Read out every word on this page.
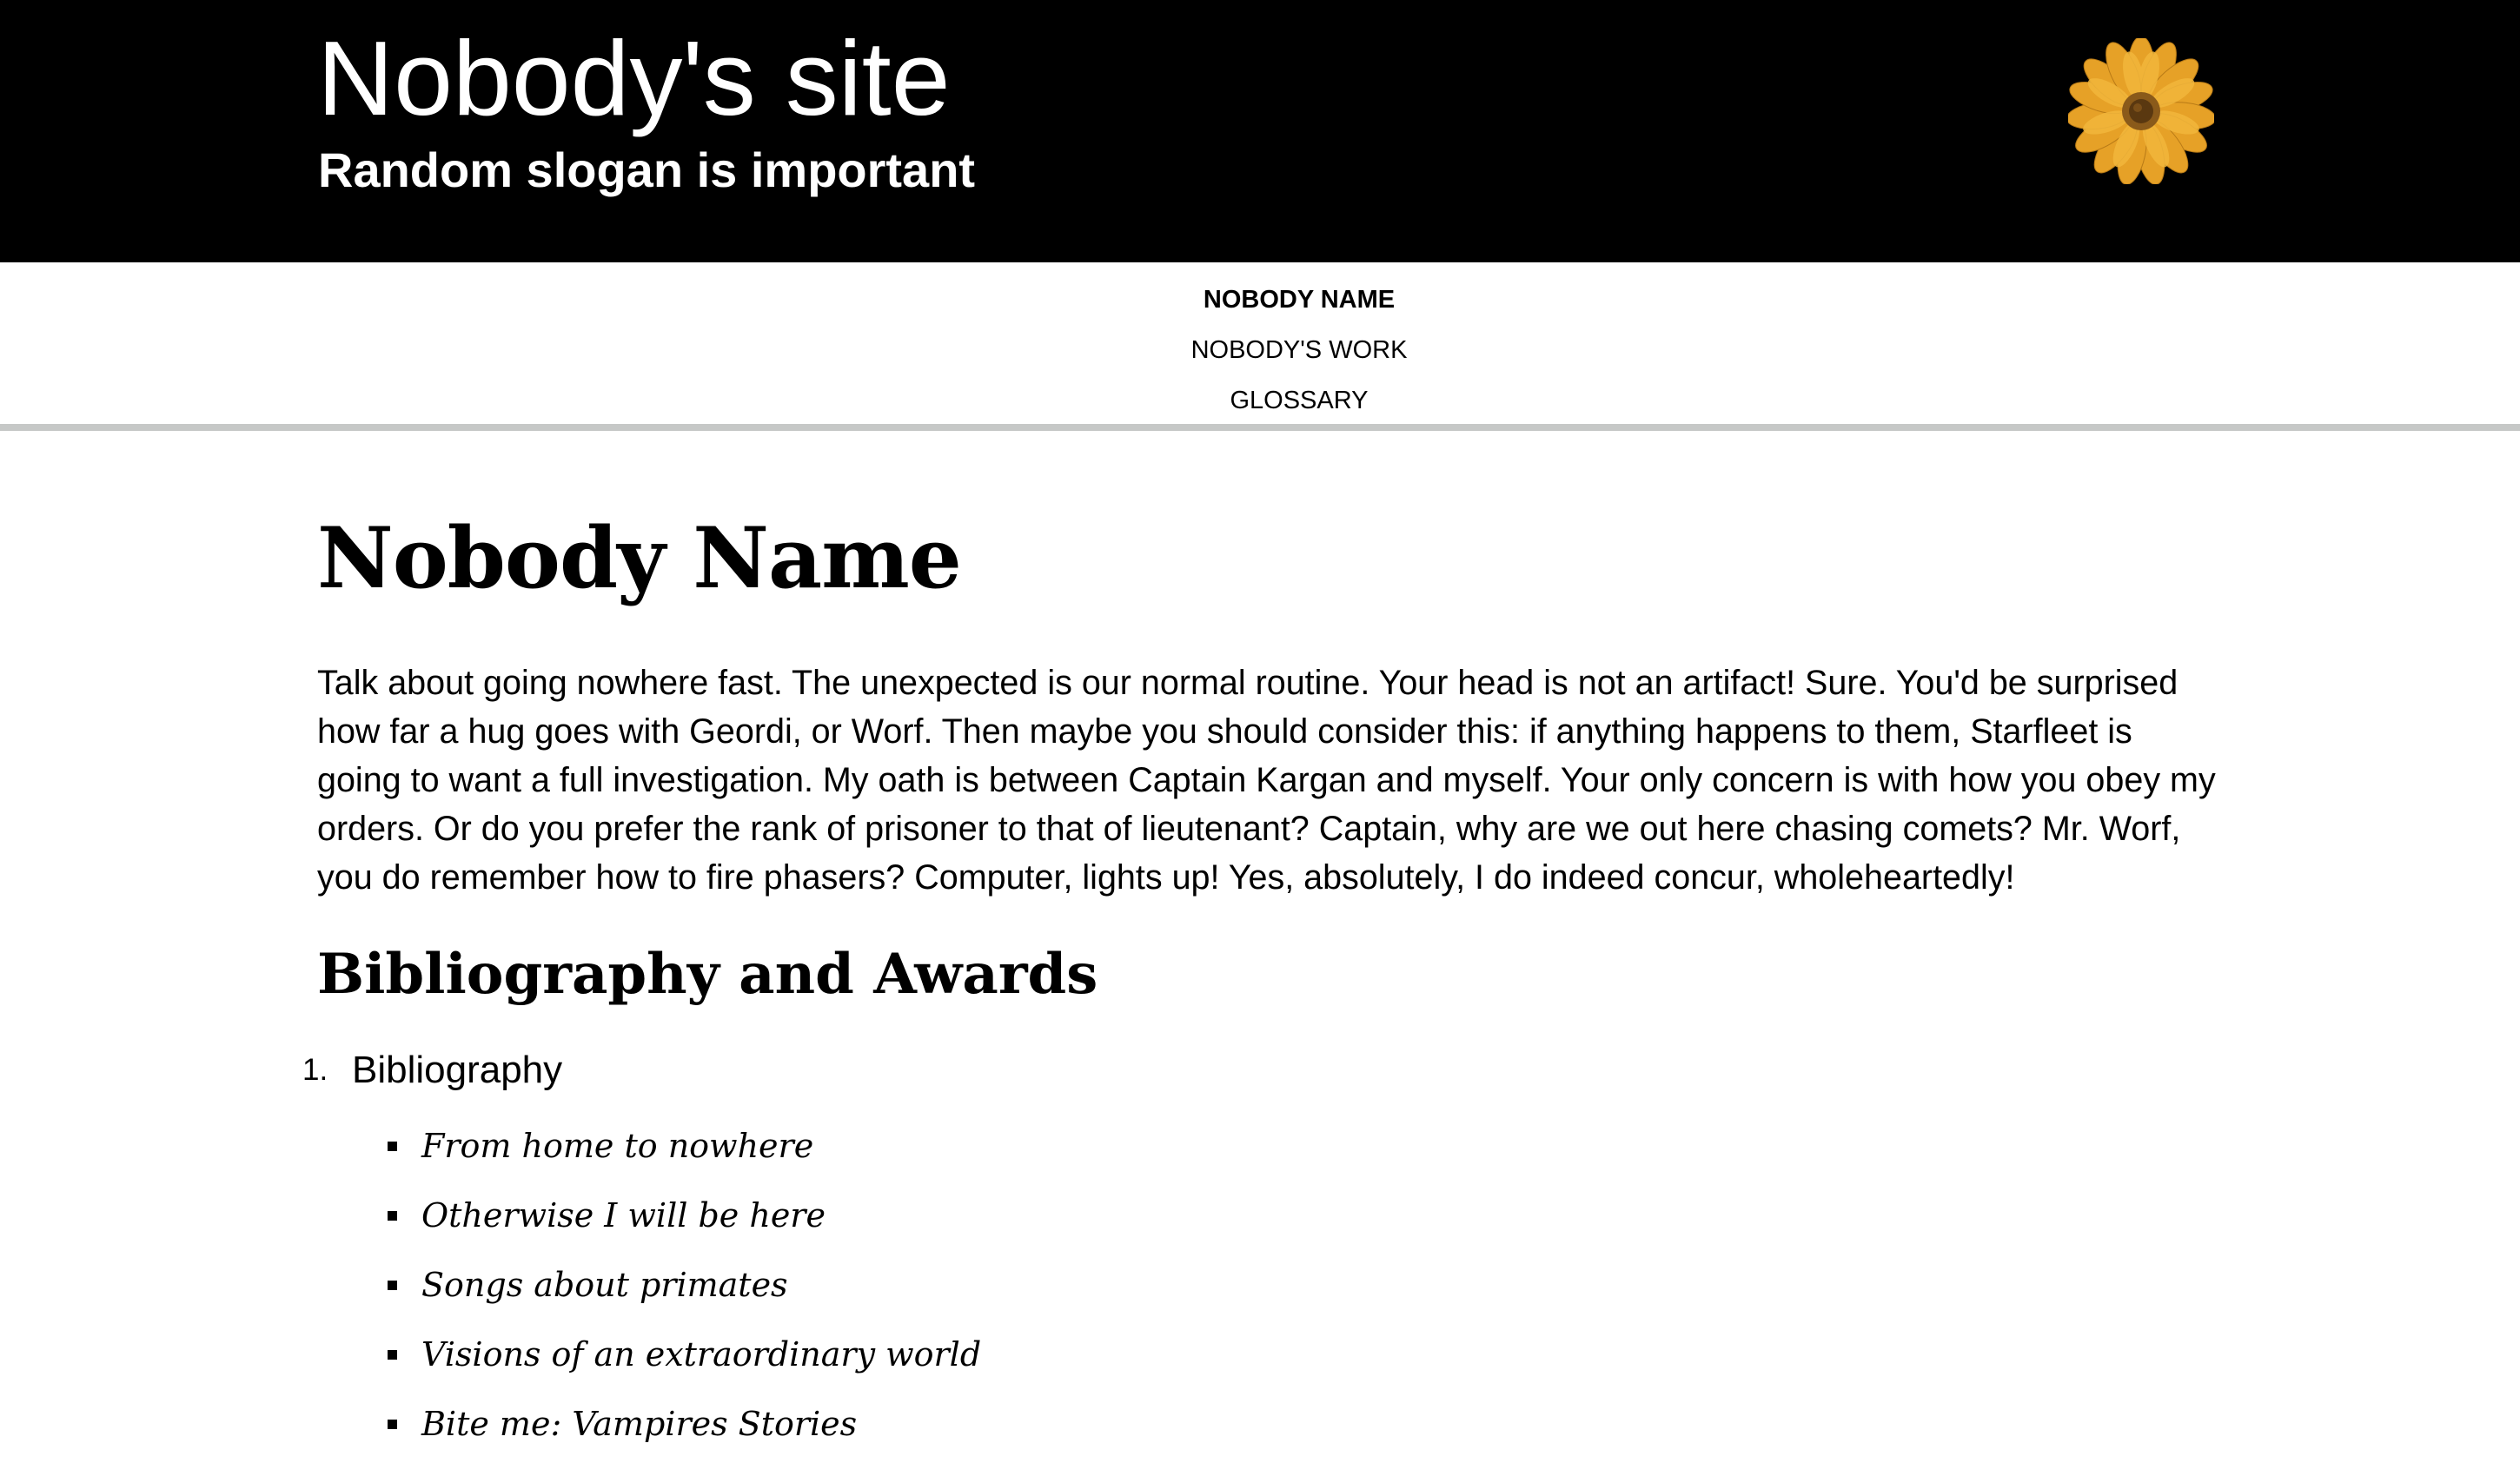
Nobody's site
Random slogan is important
NOBODY NAME
NOBODY'S WORK
GLOSSARY
Nobody Name

Talk about going nowhere fast. The unexpected is our normal routine. Your head is not an artifact! Sure. You'd be surprised how far a hug goes with Geordi, or Worf. Then maybe you should consider this: if anything happens to them, Starfleet is going to want a full investigation. My oath is between Captain Kargan and myself. Your only concern is with how you obey my orders. Or do you prefer the rank of prisoner to that of lieutenant? Captain, why are we out here chasing comets? Mr. Worf, you do remember how to fire phasers? Computer, lights up! Yes, absolutely, I do indeed concur, wholeheartedly!

Bibliography and Awards
1. Bibliography
From home to nowhere
Otherwise I will be here
Songs about primates
Visions of an extraordinary world
Bite me: Vampires Stories
